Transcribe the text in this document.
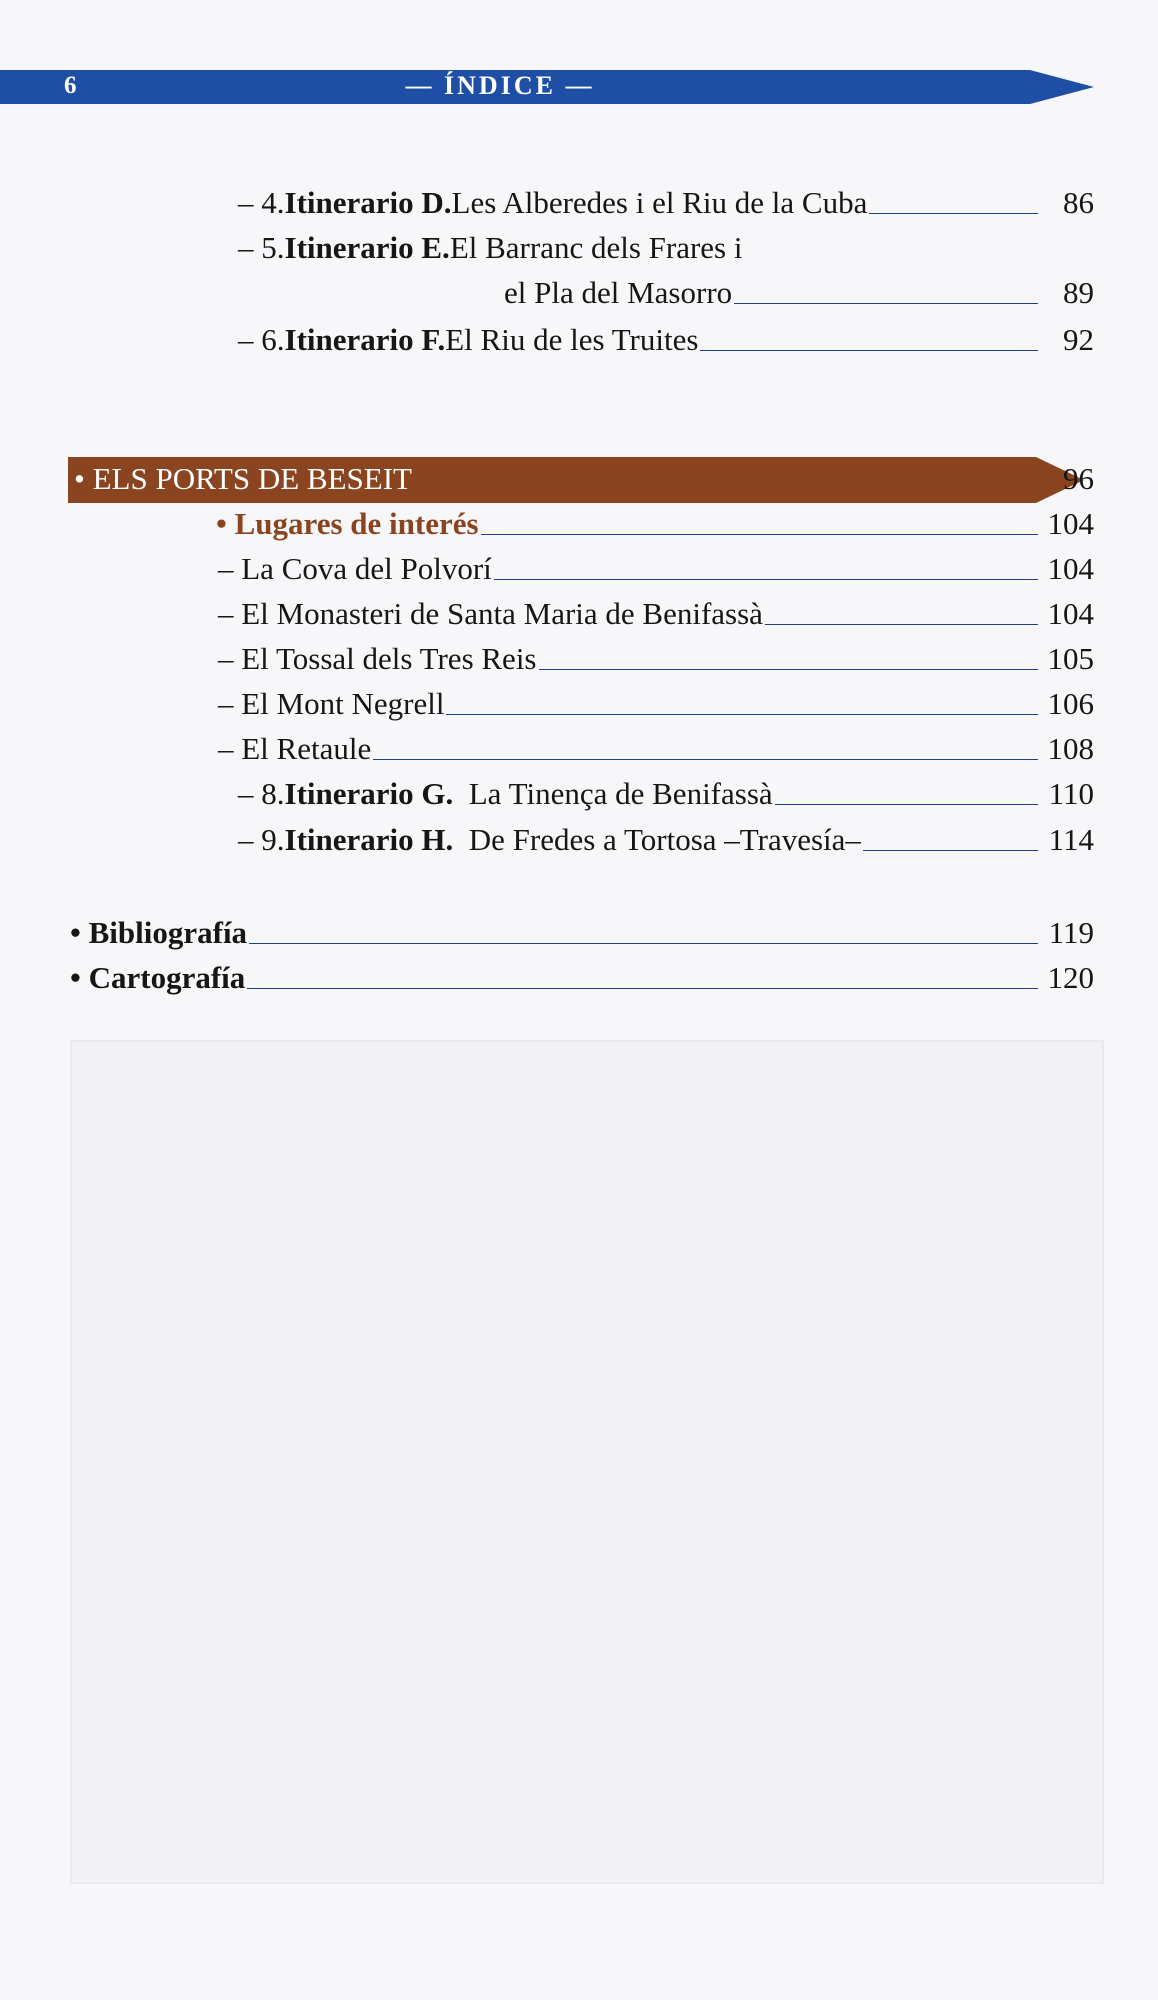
6	— ÍNDICE —
– 4. Itinerario D. Les Alberedes i el Riu de la Cuba	86
– 5. Itinerario E. El Barranc dels Frares i
el Pla del Masorro	89
– 6. Itinerario F. El Riu de les Truites	92
• ELS PORTS DE BESEIT	96
• Lugares de interés	104
– La Cova del Polvorí	104
– El Monasteri de Santa Maria de Benifassà	104
– El Tossal dels Tres Reis	105
– El Mont Negrell	106
– El Retaule	108
– 8. Itinerario G. La Tinença de Benifassà	110
– 9. Itinerario H. De Fredes a Tortosa –Travesía–	114
• Bibliografía	119
• Cartografía	120
